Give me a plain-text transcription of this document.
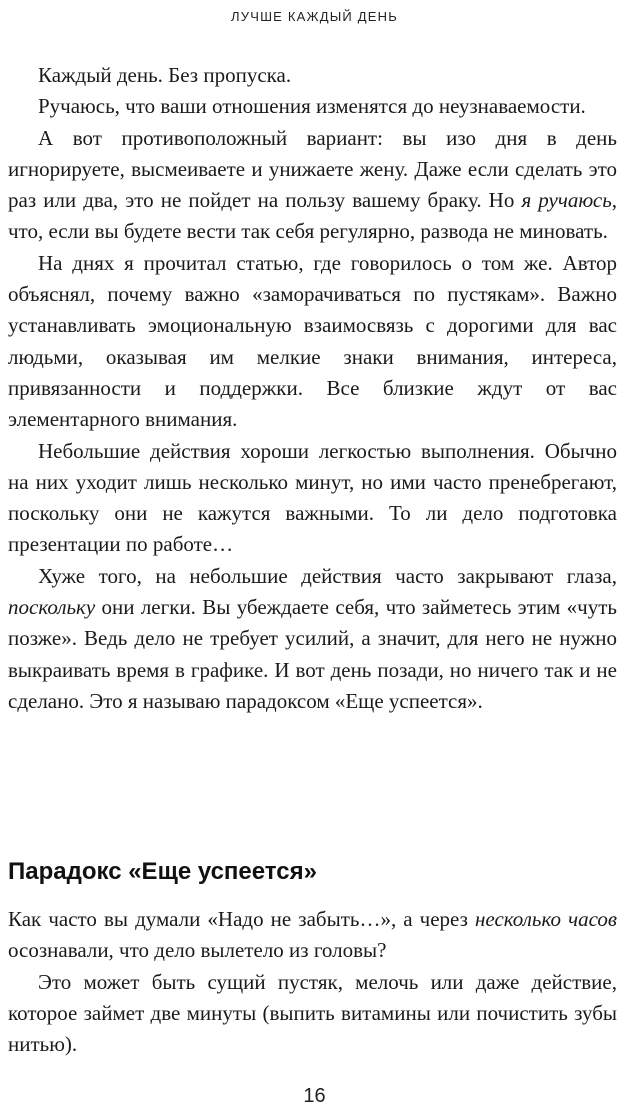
ЛУЧШЕ КАЖДЫЙ ДЕНЬ

Каждый день. Без пропуска.

Ручаюсь, что ваши отношения изменятся до неузнаваемости.

А вот противоположный вариант: вы изо дня в день игнорируете, высмеиваете и унижаете жену. Даже если сделать это раз или два, это не пойдет на пользу вашему браку. Но я ручаюсь, что, если вы будете вести так себя регулярно, развода не миновать.

На днях я прочитал статью, где говорилось о том же. Автор объяснял, почему важно «заморачиваться по пустякам». Важно устанавливать эмоциональную взаимосвязь с дорогими для вас людьми, оказывая им мелкие знаки внимания, интереса, привязанности и поддержки. Все близкие ждут от вас элементарного внимания.

Небольшие действия хороши легкостью выполнения. Обычно на них уходит лишь несколько минут, но ими часто пренебрегают, поскольку они не кажутся важными. То ли дело подготовка презентации по работе…

Хуже того, на небольшие действия часто закрывают глаза, поскольку они легки. Вы убеждаете себя, что займетесь этим «чуть позже». Ведь дело не требует усилий, а значит, для него не нужно выкраивать время в графике. И вот день позади, но ничего так и не сделано. Это я называю парадоксом «Еще успеется».

Парадокс «Еще успеется»

Как часто вы думали «Надо не забыть…», а через несколько часов осознавали, что дело вылетело из головы?

Это может быть сущий пустяк, мелочь или даже действие, которое займет две минуты (выпить витамины или почистить зубы нитью).

16
